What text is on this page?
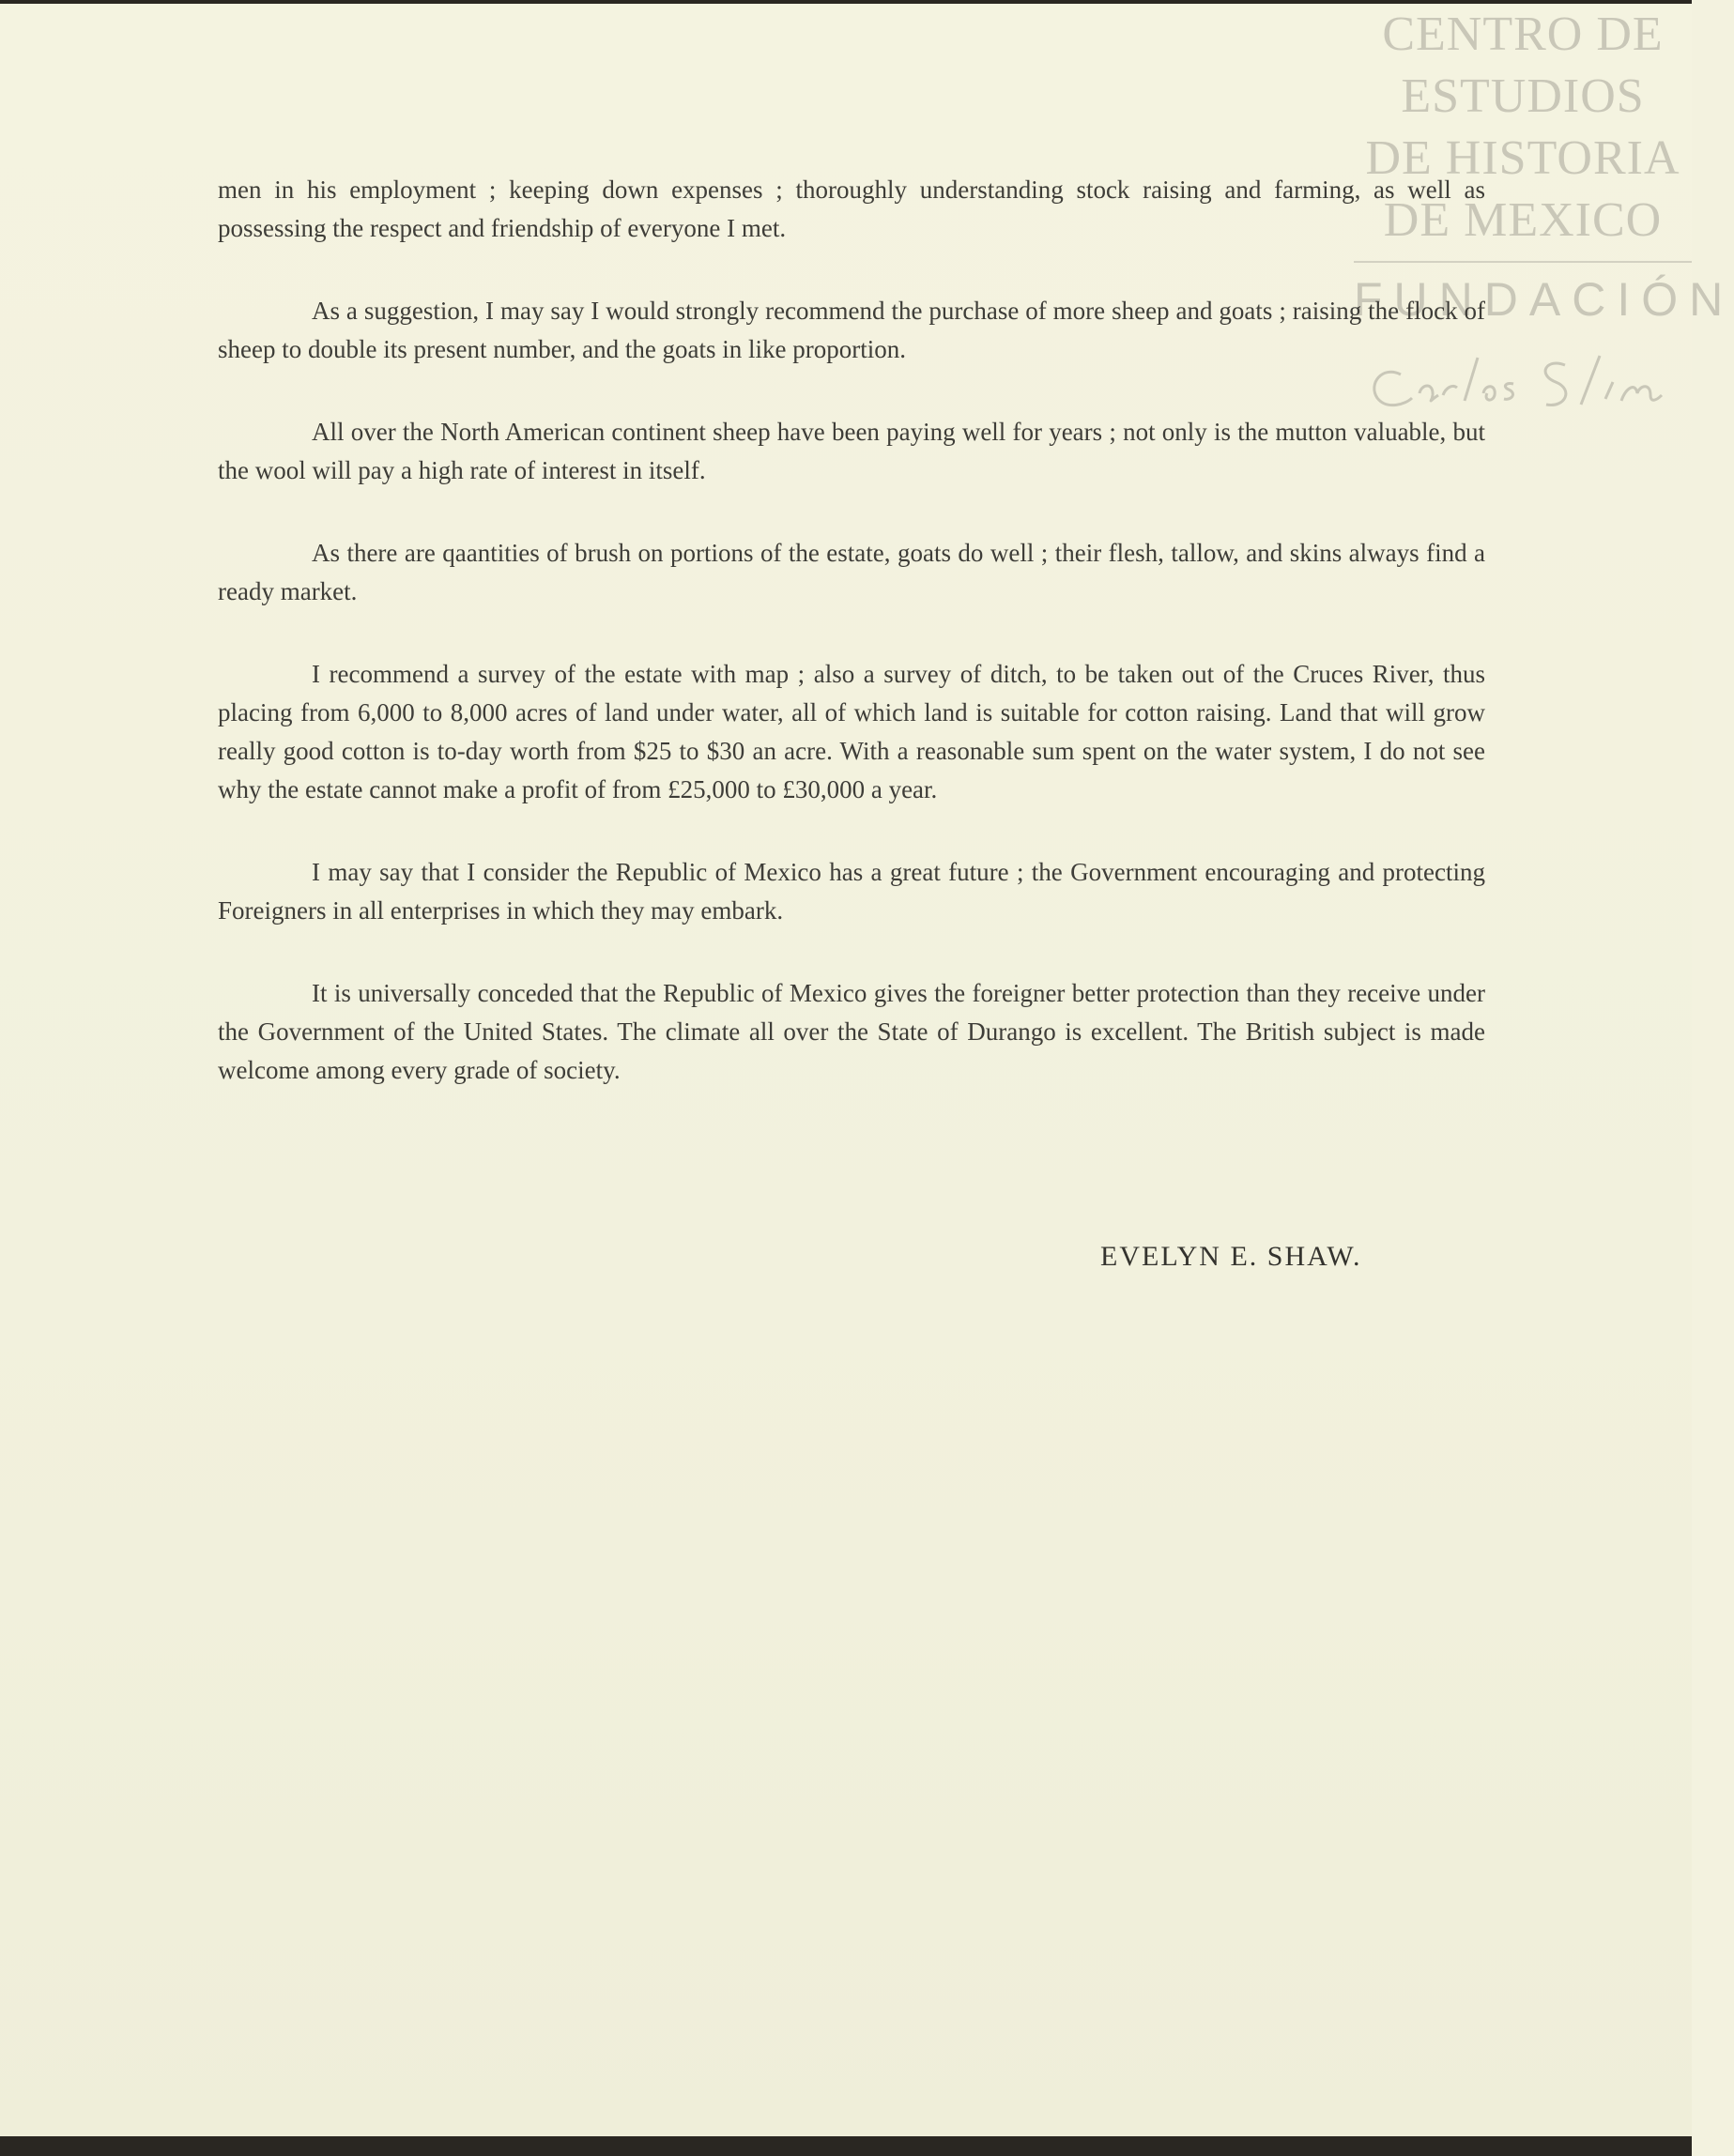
CENTRO DE
ESTUDIOS
DE HISTORIA
DE MEXICO
FUNDACIÓN

men in his employment ; keeping down expenses ; thoroughly understanding stock raising and farming, as well as possessing the respect and friendship of everyone I met.

As a suggestion, I may say I would strongly recommend the purchase of more sheep and goats ; raising the flock of sheep to double its present number, and the goats in like proportion.

All over the North American continent sheep have been paying well for years ; not only is the mutton valuable, but the wool will pay a high rate of interest in itself.

As there are qaantities of brush on portions of the estate, goats do well ; their flesh, tallow, and skins always find a ready market.

I recommend a survey of the estate with map ; also a survey of ditch, to be taken out of the Cruces River, thus placing from 6,000 to 8,000 acres of land under water, all of which land is suitable for cotton raising. Land that will grow really good cotton is to-day worth from $25 to $30 an acre. With a reasonable sum spent on the water system, I do not see why the estate cannot make a profit of from £25,000 to £30,000 a year.

I may say that I consider the Republic of Mexico has a great future ; the Government encouraging and protecting Foreigners in all enterprises in which they may embark.

It is universally conceded that the Republic of Mexico gives the foreigner better protection than they receive under the Government of the United States. The climate all over the State of Durango is excellent. The British subject is made welcome among every grade of society.

EVELYN E. SHAW.
